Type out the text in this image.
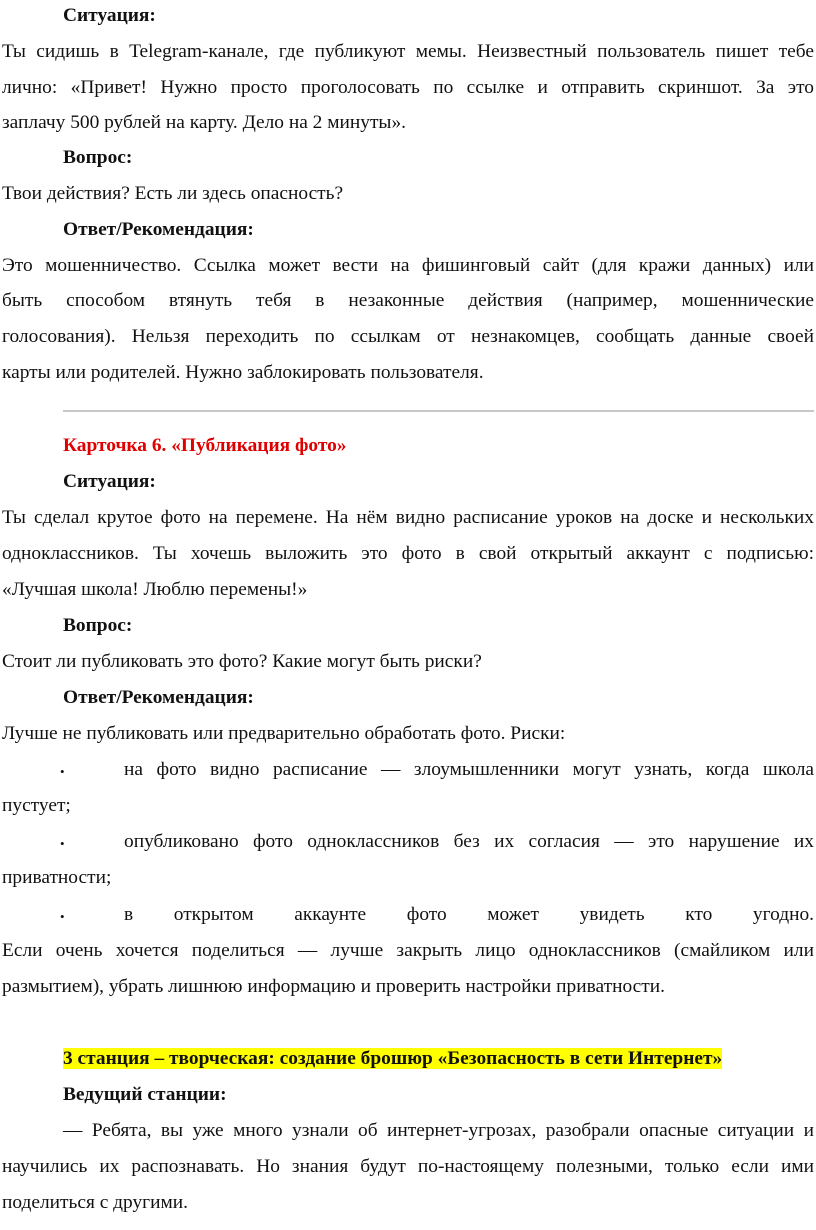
Ситуация:
Ты сидишь в Telegram-канале, где публикуют мемы. Неизвестный пользователь пишет тебе
лично: «Привет! Нужно просто проголосовать по ссылке и отправить скриншот. За это
заплачу 500 рублей на карту. Дело на 2 минуты».
Вопрос:
Твои действия? Есть ли здесь опасность?
Ответ/Рекомендация:
Это мошенничество. Ссылка может вести на фишинговый сайт (для кражи данных) или
быть способом втянуть тебя в незаконные действия (например, мошеннические
голосования). Нельзя переходить по ссылкам от незнакомцев, сообщать данные своей
карты или родителей. Нужно заблокировать пользователя.
Карточка 6. «Публикация фото»
Ситуация:
Ты сделал крутое фото на перемене. На нём видно расписание уроков на доске и нескольких
одноклассников. Ты хочешь выложить это фото в свой открытый аккаунт с подписью:
«Лучшая школа! Люблю перемены!»
Вопрос:
Стоит ли публиковать это фото? Какие могут быть риски?
Ответ/Рекомендация:
Лучше не публиковать или предварительно обработать фото. Риски:
•	на фото видно расписание — злоумышленники могут узнать, когда школа
пустует;
•	опубликовано фото одноклассников без их согласия — это нарушение их
приватности;
•	в открытом аккаунте фото может увидеть кто угодно.
Если очень хочется поделиться — лучше закрыть лицо одноклассников (смайликом или
размытием), убрать лишнюю информацию и проверить настройки приватности.
3 станция – творческая: создание брошюр «Безопасность в сети Интернет»
Ведущий станции:
— Ребята, вы уже много узнали об интернет-угрозах, разобрали опасные ситуации и
научились их распознавать. Но знания будут по-настоящему полезными, только если ими
поделиться с другими.
